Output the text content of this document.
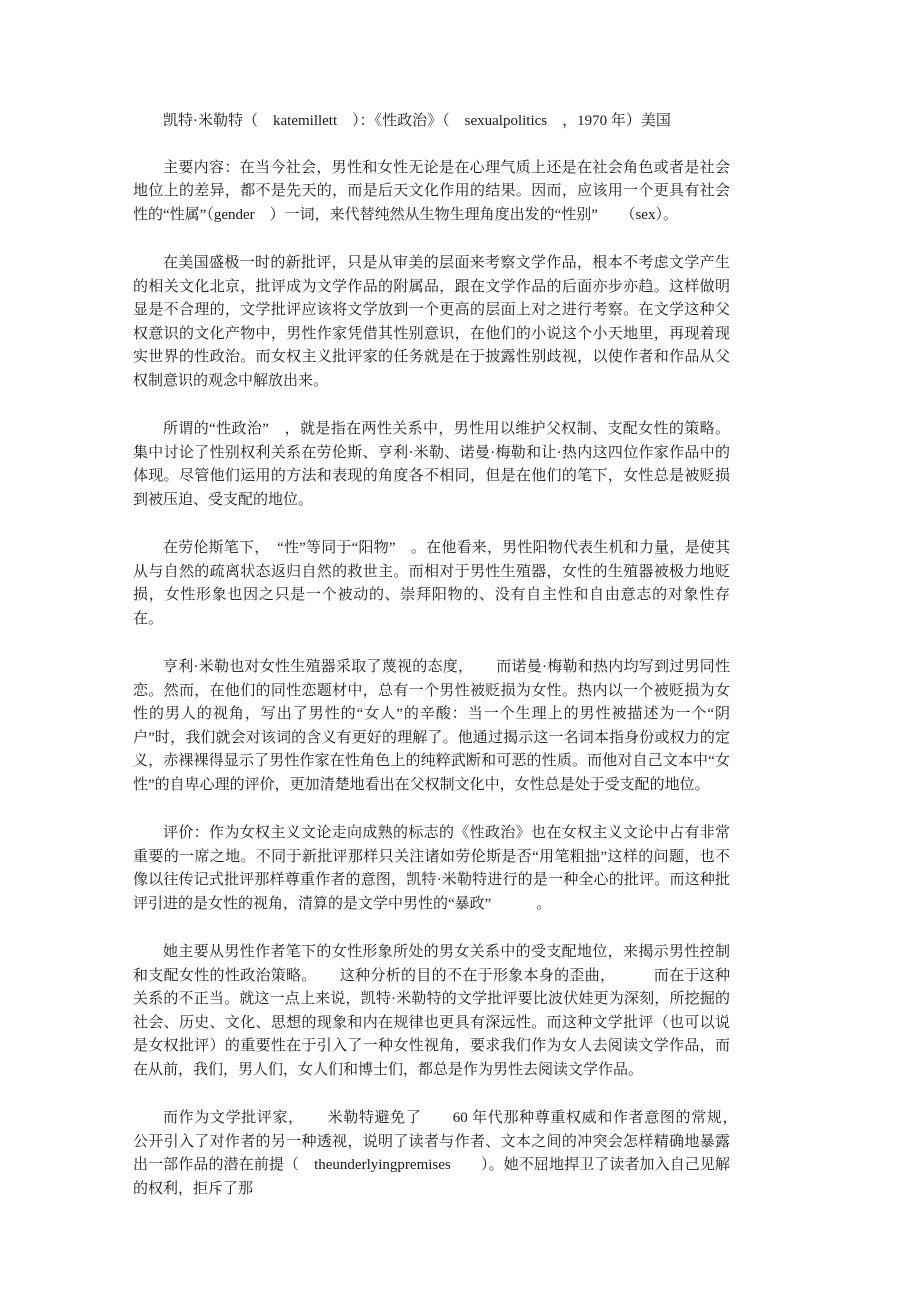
凯特·米勒特（　katemillett　）：《性政治》（　sexualpolitics　，1970 年）美国

主要内容：在当今社会，男性和女性无论是在心理气质上还是在社会角色或者是社会地位上的差异，都不是先天的，而是后天文化作用的结果。因而，应该用一个更具有社会性的“性属”（gender　）一词，来代替纯然从生物生理角度出发的“性别”　　（sex）。

在美国盛极一时的新批评，只是从审美的层面来考察文学作品，根本不考虑文学产生的相关文化北京，批评成为文学作品的附属品，跟在文学作品的后面亦步亦趋。这样做明显是不合理的，文学批评应该将文学放到一个更高的层面上对之进行考察。在文学这种父权意识的文化产物中，男性作家凭借其性别意识，在他们的小说这个小天地里，再现着现实世界的性政治。而女权主义批评家的任务就是在于披露性别歧视，以使作者和作品从父权制意识的观念中解放出来。

所谓的“性政治”　，就是指在两性关系中，男性用以维护父权制、支配女性的策略。集中讨论了性别权利关系在劳伦斯、亨利·米勒、诺曼·梅勒和让·热内这四位作家作品中的体现。尽管他们运用的方法和表现的角度各不相同，但是在他们的笔下，女性总是被贬损到被压迫、受支配的地位。

在劳伦斯笔下，　“性”等同于“阳物”　。在他看来，男性阳物代表生机和力量，是使其从与自然的疏离状态返归自然的救世主。而相对于男性生殖器，女性的生殖器被极力地贬损，女性形象也因之只是一个被动的、崇拜阳物的、没有自主性和自由意志的对象性存在。

亨利·米勒也对女性生殖器采取了蔑视的态度，　　而诺曼·梅勒和热内均写到过男同性恋。然而，在他们的同性恋题材中，总有一个男性被贬损为女性。热内以一个被贬损为女性的男人的视角，写出了男性的“女人”的辛酸：当一个生理上的男性被描述为一个“阴户”时，我们就会对该词的含义有更好的理解了。他通过揭示这一名词本指身份或权力的定义，赤裸裸得显示了男性作家在性角色上的纯粹武断和可恶的性质。而他对自己文本中“女性”的自卑心理的评价，更加清楚地看出在父权制文化中，女性总是处于受支配的地位。

评价：作为女权主义文论走向成熟的标志的《性政治》也在女权主义文论中占有非常重要的一席之地。不同于新批评那样只关注诸如劳伦斯是否“用笔粗拙”这样的问题，也不像以往传记式批评那样尊重作者的意图，凯特·米勒特进行的是一种全心的批评。而这种批评引进的是女性的视角，清算的是文学中男性的“暴政”　　　。

她主要从男性作者笔下的女性形象所处的男女关系中的受支配地位，来揭示男性控制和支配女性的性政治策略。　　这种分析的目的不在于形象本身的歪曲，　　　而在于这种关系的不正当。就这一点上来说，凯特·米勒特的文学批评要比波伏娃更为深刻，所挖掘的社会、历史、文化、思想的现象和内在规律也更具有深远性。而这种文学批评（也可以说是女权批评）的重要性在于引入了一种女性视角，要求我们作为女人去阅读文学作品，而在从前，我们，男人们，女人们和博士们，都总是作为男性去阅读文学作品。

而作为文学批评家，　　米勒特避免了　　60 年代那种尊重权威和作者意图的常规，　　　公开引入了对作者的另一种透视，说明了读者与作者、文本之间的冲突会怎样精确地暴露出一部作品的潜在前提（　theunderlyingpremises　　）。她不屈地捍卫了读者加入自己见解的权利，拒斥了那
